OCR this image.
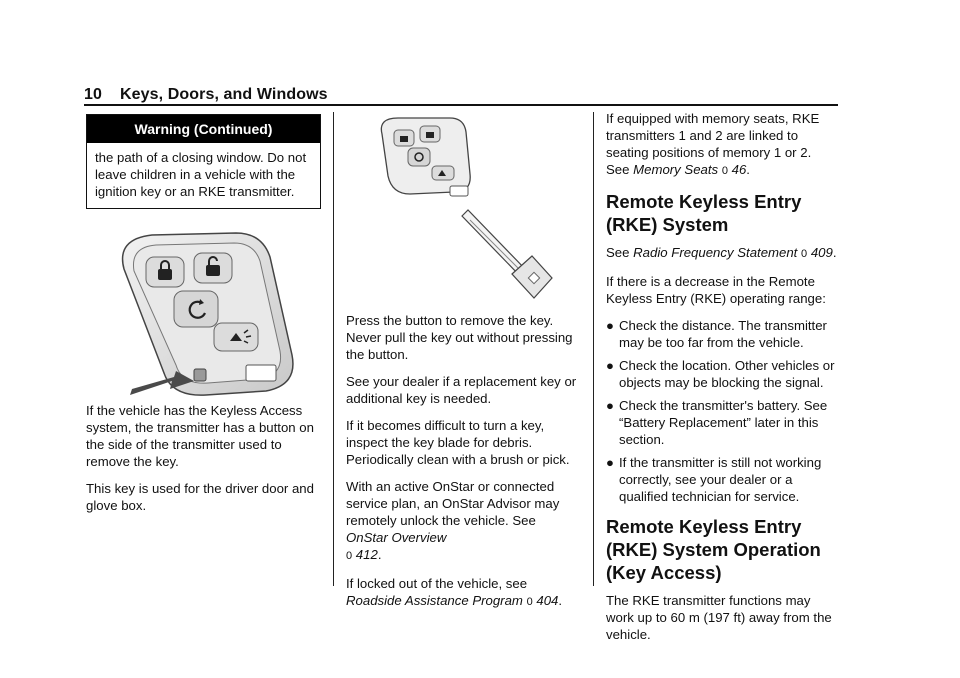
10 Keys, Doors, and Windows
Warning (Continued)
the path of a closing window. Do not leave children in a vehicle with the ignition key or an RKE transmitter.

If the vehicle has the Keyless Access system, the transmitter has a button on the side of the transmitter used to remove the key.

This key is used for the driver door and glove box.

Press the button to remove the key. Never pull the key out without pressing the button.

See your dealer if a replacement key or additional key is needed.

If it becomes difficult to turn a key, inspect the key blade for debris. Periodically clean with a brush or pick.

With an active OnStar or connected service plan, an OnStar Advisor may remotely unlock the vehicle. See OnStar Overview
0 412.

If locked out of the vehicle, see Roadside Assistance Program 0 404.

If equipped with memory seats, RKE transmitters 1 and 2 are linked to seating positions of memory 1 or 2. See Memory Seats 0 46.

Remote Keyless Entry (RKE) System

See Radio Frequency Statement 0 409.

If there is a decrease in the Remote Keyless Entry (RKE) operating range:

● Check the distance. The transmitter may be too far from the vehicle.
● Check the location. Other vehicles or objects may be blocking the signal.
● Check the transmitter's battery. See “Battery Replacement” later in this section.
● If the transmitter is still not working correctly, see your dealer or a qualified technician for service.
Remote Keyless Entry (RKE) System Operation (Key Access)

The RKE transmitter functions may work up to 60 m (197 ft) away from the vehicle.
